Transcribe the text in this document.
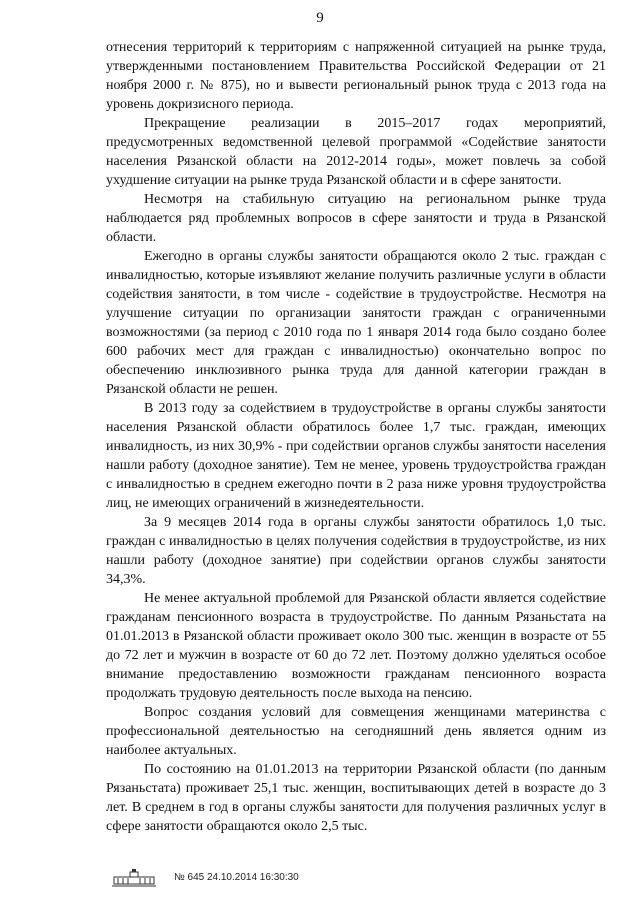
9

отнесения территорий к территориям с напряженной ситуацией на рынке труда, утвержденными постановлением Правительства Российской Федерации от 21 ноября 2000 г. № 875), но и вывести региональный рынок труда с 2013 года на уровень докризисного периода.

Прекращение реализации в 2015–2017 годах мероприятий, предусмотренных ведомственной целевой программой «Содействие занятости населения Рязанской области на 2012-2014 годы», может повлечь за собой ухудшение ситуации на рынке труда Рязанской области и в сфере занятости.

Несмотря на стабильную ситуацию на региональном рынке труда наблюдается ряд проблемных вопросов в сфере занятости и труда в Рязанской области.

Ежегодно в органы службы занятости обращаются около 2 тыс. граждан с инвалидностью, которые изъявляют желание получить различные услуги в области содействия занятости, в том числе - содействие в трудоустройстве. Несмотря на улучшение ситуации по организации занятости граждан с ограниченными возможностями (за период с 2010 года по 1 января 2014 года было создано более 600 рабочих мест для граждан с инвалидностью) окончательно вопрос по обеспечению инклюзивного рынка труда для данной категории граждан в Рязанской области не решен.

В 2013 году за содействием в трудоустройстве в органы службы занятости населения Рязанской области обратилось более 1,7 тыс. граждан, имеющих инвалидность, из них 30,9% - при содействии органов службы занятости населения нашли работу (доходное занятие). Тем не менее, уровень трудоустройства граждан с инвалидностью в среднем ежегодно почти в 2 раза ниже уровня трудоустройства лиц, не имеющих ограничений в жизнедеятельности.

За 9 месяцев 2014 года в органы службы занятости обратилось 1,0 тыс. граждан с инвалидностью в целях получения содействия в трудоустройстве, из них нашли работу (доходное занятие) при содействии органов службы занятости 34,3%.

Не менее актуальной проблемой для Рязанской области является содействие гражданам пенсионного возраста в трудоустройстве. По данным Рязаньстата на 01.01.2013 в Рязанской области проживает около 300 тыс. женщин в возрасте от 55 до 72 лет и мужчин в возрасте от 60 до 72 лет. Поэтому должно уделяться особое внимание предоставлению возможности гражданам пенсионного возраста продолжать трудовую деятельность после выхода на пенсию.

Вопрос создания условий для совмещения женщинами материнства с профессиональной деятельностью на сегодняшний день является одним из наиболее актуальных.

По состоянию на 01.01.2013 на территории Рязанской области (по данным Рязаньстата) проживает 25,1 тыс. женщин, воспитывающих детей в возрасте до 3 лет. В среднем в год в органы службы занятости для получения различных услуг в сфере занятости обращаются около 2,5 тыс.

№ 645 24.10.2014 16:30:30
